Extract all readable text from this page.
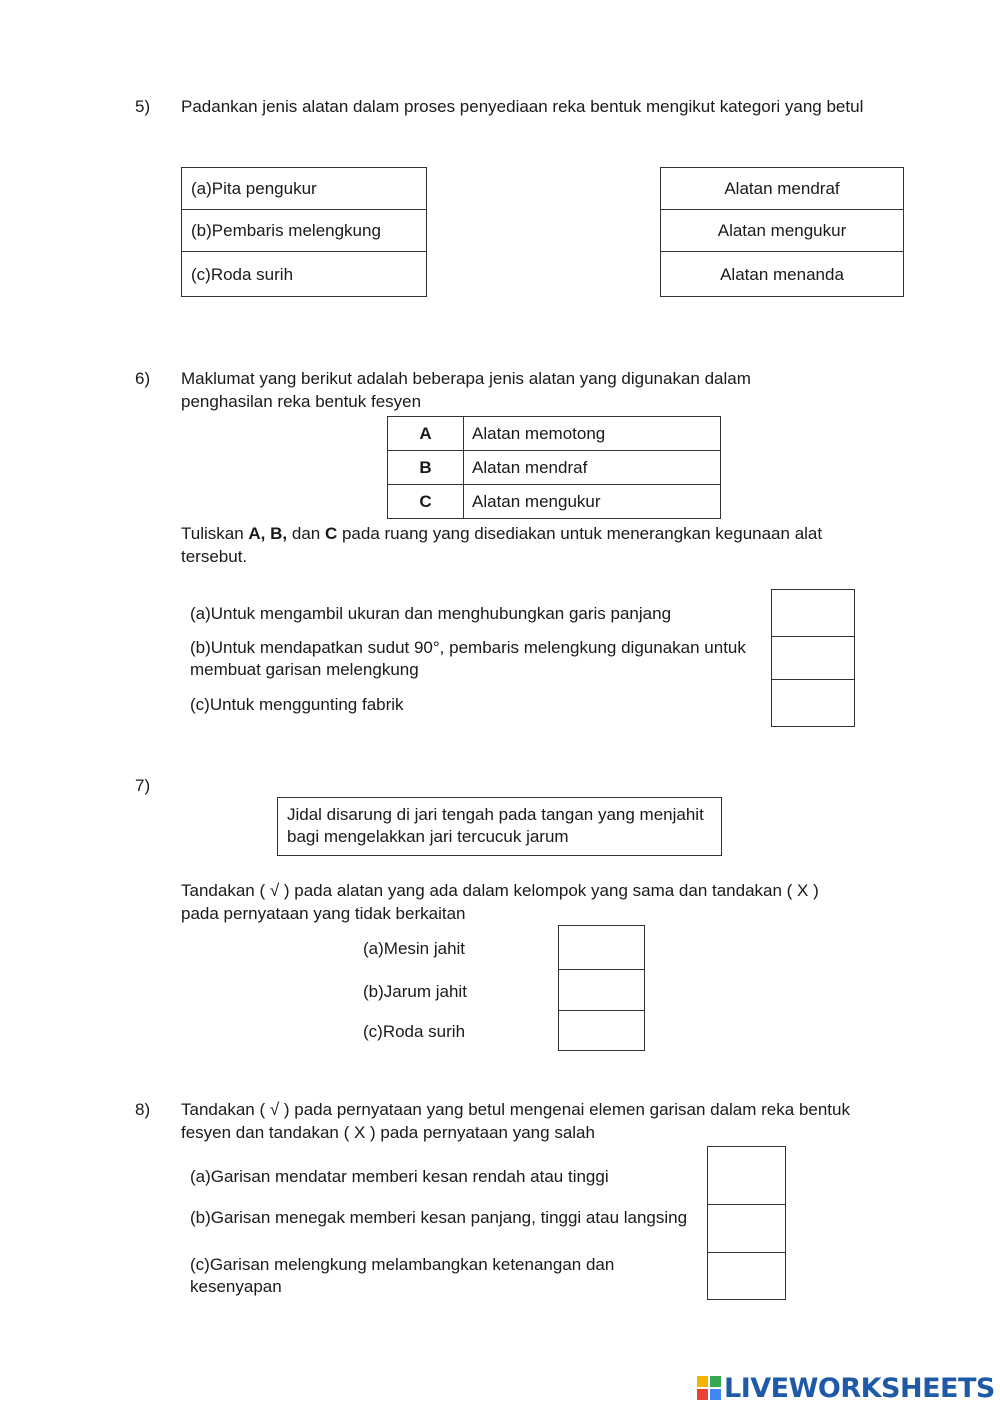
5) Padankan jenis alatan dalam proses penyediaan reka bentuk mengikut kategori yang betul
(a)Pita pengukur
(b)Pembaris melengkung
(c)Roda surih
Alatan mendraf
Alatan mengukur
Alatan menanda
6) Maklumat yang berikut adalah beberapa jenis alatan yang digunakan dalam penghasilan reka bentuk fesyen
A	Alatan memotong
B	Alatan mendraf
C	Alatan mengukur
Tuliskan A, B, dan C pada ruang yang disediakan untuk menerangkan kegunaan alat tersebut.
(a)Untuk mengambil ukuran dan menghubungkan garis panjang
(b)Untuk mendapatkan sudut 90°, pembaris melengkung digunakan untuk membuat garisan melengkung
(c)Untuk menggunting fabrik
7)
Jidal disarung di jari tengah pada tangan yang menjahit bagi mengelakkan jari tercucuk jarum
Tandakan ( √ ) pada alatan yang ada dalam kelompok yang sama dan tandakan ( X ) pada pernyataan yang tidak berkaitan
(a)Mesin jahit
(b)Jarum jahit
(c)Roda surih
8) Tandakan ( √ ) pada pernyataan yang betul mengenai elemen garisan dalam reka bentuk fesyen dan tandakan ( X ) pada pernyataan yang salah
(a)Garisan mendatar memberi kesan rendah atau tinggi
(b)Garisan menegak memberi kesan panjang, tinggi atau langsing
(c)Garisan melengkung melambangkan ketenangan dan kesenyapan
LIVEWORKSHEETS
